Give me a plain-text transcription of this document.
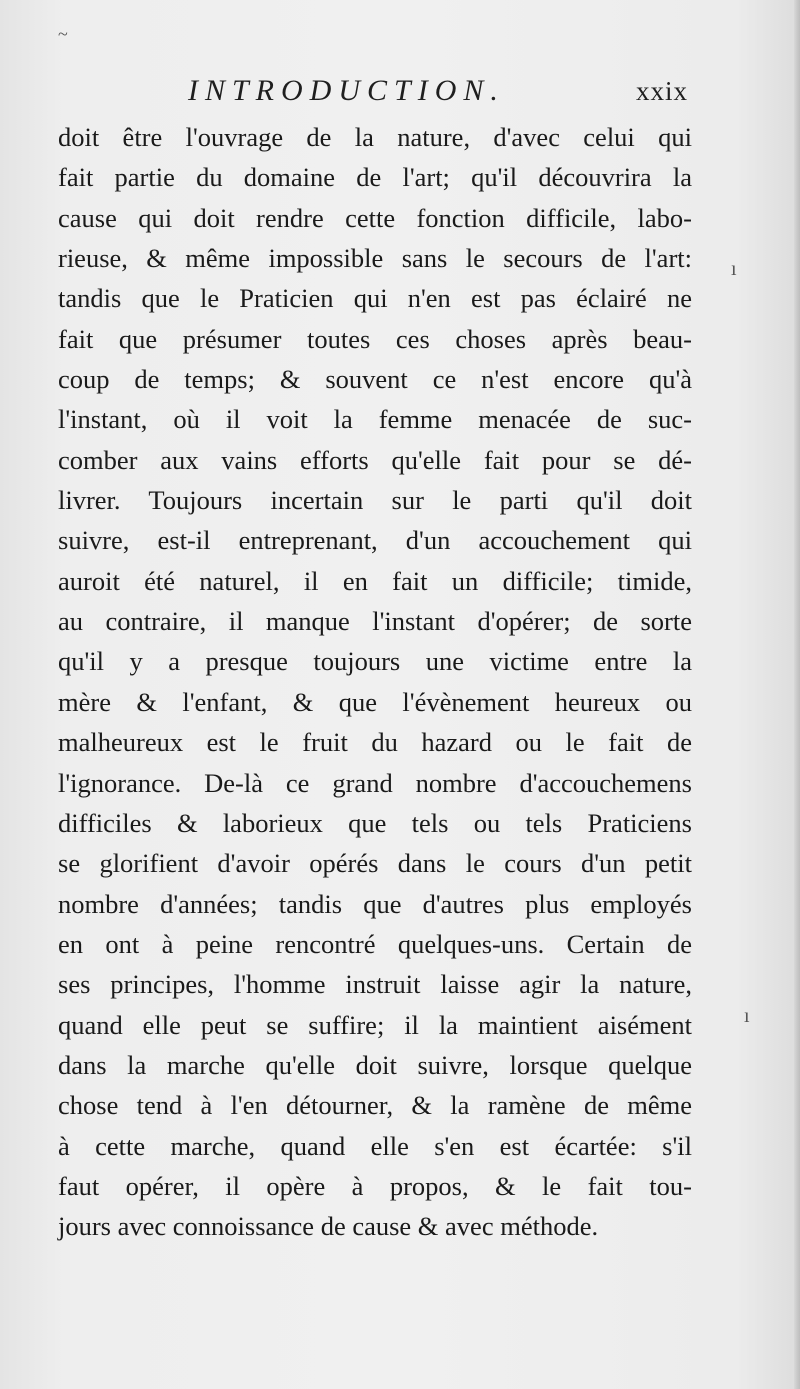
INTRODUCTION.	xxix
doit être l'ouvrage de la nature, d'avec celui qui
fait partie du domaine de l'art; qu'il découvrira la
cause qui doit rendre cette fonction difficile, labo-
rieuse, & même impossible sans le secours de l'art:
tandis que le Praticien qui n'en est pas éclairé ne
fait que présumer toutes ces choses après beau-
coup de temps; & souvent ce n'est encore qu'à
l'instant, où il voit la femme menacée de suc-
comber aux vains efforts qu'elle fait pour se dé-
livrer. Toujours incertain sur le parti qu'il doit
suivre, est-il entreprenant, d'un accouchement qui
auroit été naturel, il en fait un difficile; timide,
au contraire, il manque l'instant d'opérer; de sorte
qu'il y a presque toujours une victime entre la
mère & l'enfant, & que l'évènement heureux ou
malheureux est le fruit du hazard ou le fait de
l'ignorance. De-là ce grand nombre d'accouchemens
difficiles & laborieux que tels ou tels Praticiens
se glorifient d'avoir opérés dans le cours d'un petit
nombre d'années; tandis que d'autres plus employés
en ont à peine rencontré quelques-uns. Certain de
ses principes, l'homme instruit laisse agir la nature,
quand elle peut se suffire; il la maintient aisément
dans la marche qu'elle doit suivre, lorsque quelque
chose tend à l'en détourner, & la ramène de même
à cette marche, quand elle s'en est écartée: s'il
faut opérer, il opère à propos, & le fait tou-
jours avec connoissance de cause & avec méthode.
~
ı
ı
